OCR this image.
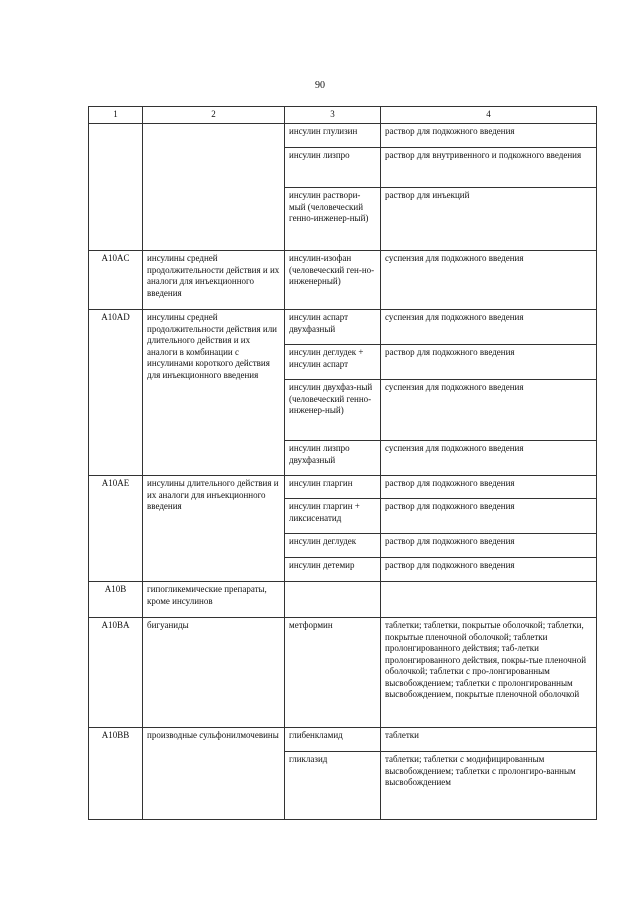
90
1	2	3	4
		инсулин глулизин	раствор для подкожного введения
		инсулин лизпро	раствор для внутривенного и подкожного введения
		инсулин раствори-мый (человеческий генно-инженер-ный)	раствор для инъекций
A10AC	инсулины средней продолжительности действия и их аналоги для инъекционного введения	инсулин-изофан (человеческий ген-но-инженерный)	суспензия для подкожного введения
A10AD	инсулины средней продолжительности действия или длительного действия и их аналоги в комбинации с инсулинами короткого действия для инъекционного введения	инсулин аспарт двухфазный	суспензия для подкожного введения
		инсулин деглудек + инсулин аспарт	раствор для подкожного введения
		инсулин двухфаз-ный (человеческий генно-инженер-ный)	суспензия для подкожного введения
		инсулин лизпро двухфазный	суспензия для подкожного введения
A10AE	инсулины длительного действия и их аналоги для инъекционного введения	инсулин гларгин	раствор для подкожного введения
		инсулин гларгин + ликсисенатид	раствор для подкожного введения
		инсулин деглудек	раствор для подкожного введения
		инсулин детемир	раствор для подкожного введения
A10B	гипогликемические препараты, кроме инсулинов		
A10BA	бигуаниды	метформин	таблетки; таблетки, покрытые оболочкой; таблетки, покрытые пленочной оболочкой; таблетки пролонгированного действия; таб-летки пролонгированного действия, покры-тые пленочной оболочкой; таблетки с про-лонгированным высвобождением; таблетки с пролонгированным высвобождением, покрытые пленочной оболочкой
A10BB	производные сульфонилмочевины	глибенкламид	таблетки
		гликлазид	таблетки; таблетки с модифицированным высвобождением; таблетки с пролонгиро-ванным высвобождением
